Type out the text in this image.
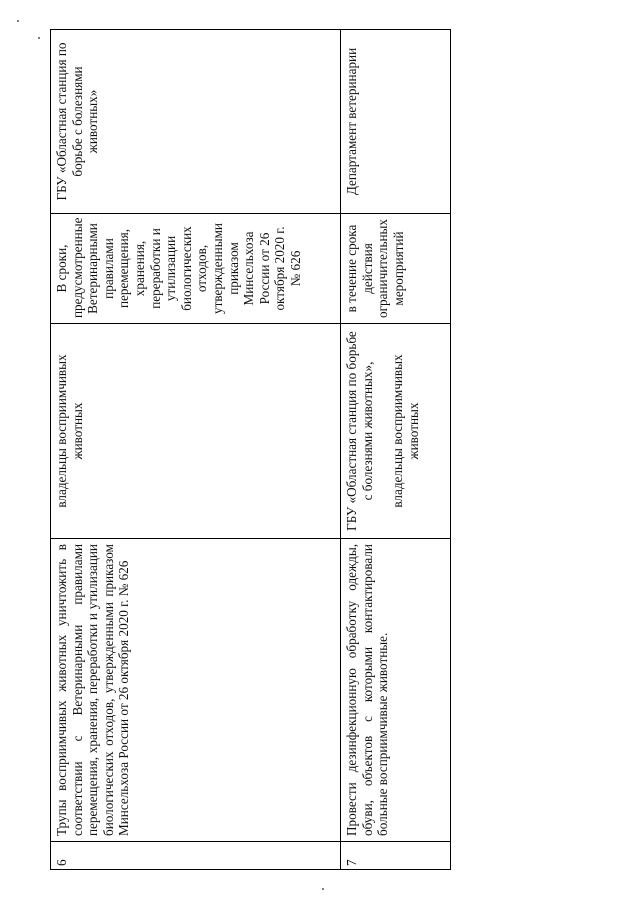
6	Трупы восприимчивых животных уничтожить в соответствии с Ветеринарными правилами перемещения, хранения, переработки и утилизации биологических отходов, утвержденными приказом Минсельхоза России от 26 октября 2020 г. № 626	владельцы восприимчивых животных	В сроки, предусмотренные Ветеринарными правилами перемещения, хранения, переработки и утилизации биологических отходов, утвержденными приказом Минсельхоза России от 26 октября 2020 г. № 626	ГБУ «Областная станция по борьбе с болезнями животных»
7	Провести дезинфекционную обработку одежды, обуви, объектов с которыми контактировали больные восприимчивые животные.	ГБУ «Областная станция по борьбе с болезнями животных», владельцы восприимчивых животных	в течение срока действия ограничительных мероприятий	Департамент ветеринарии
